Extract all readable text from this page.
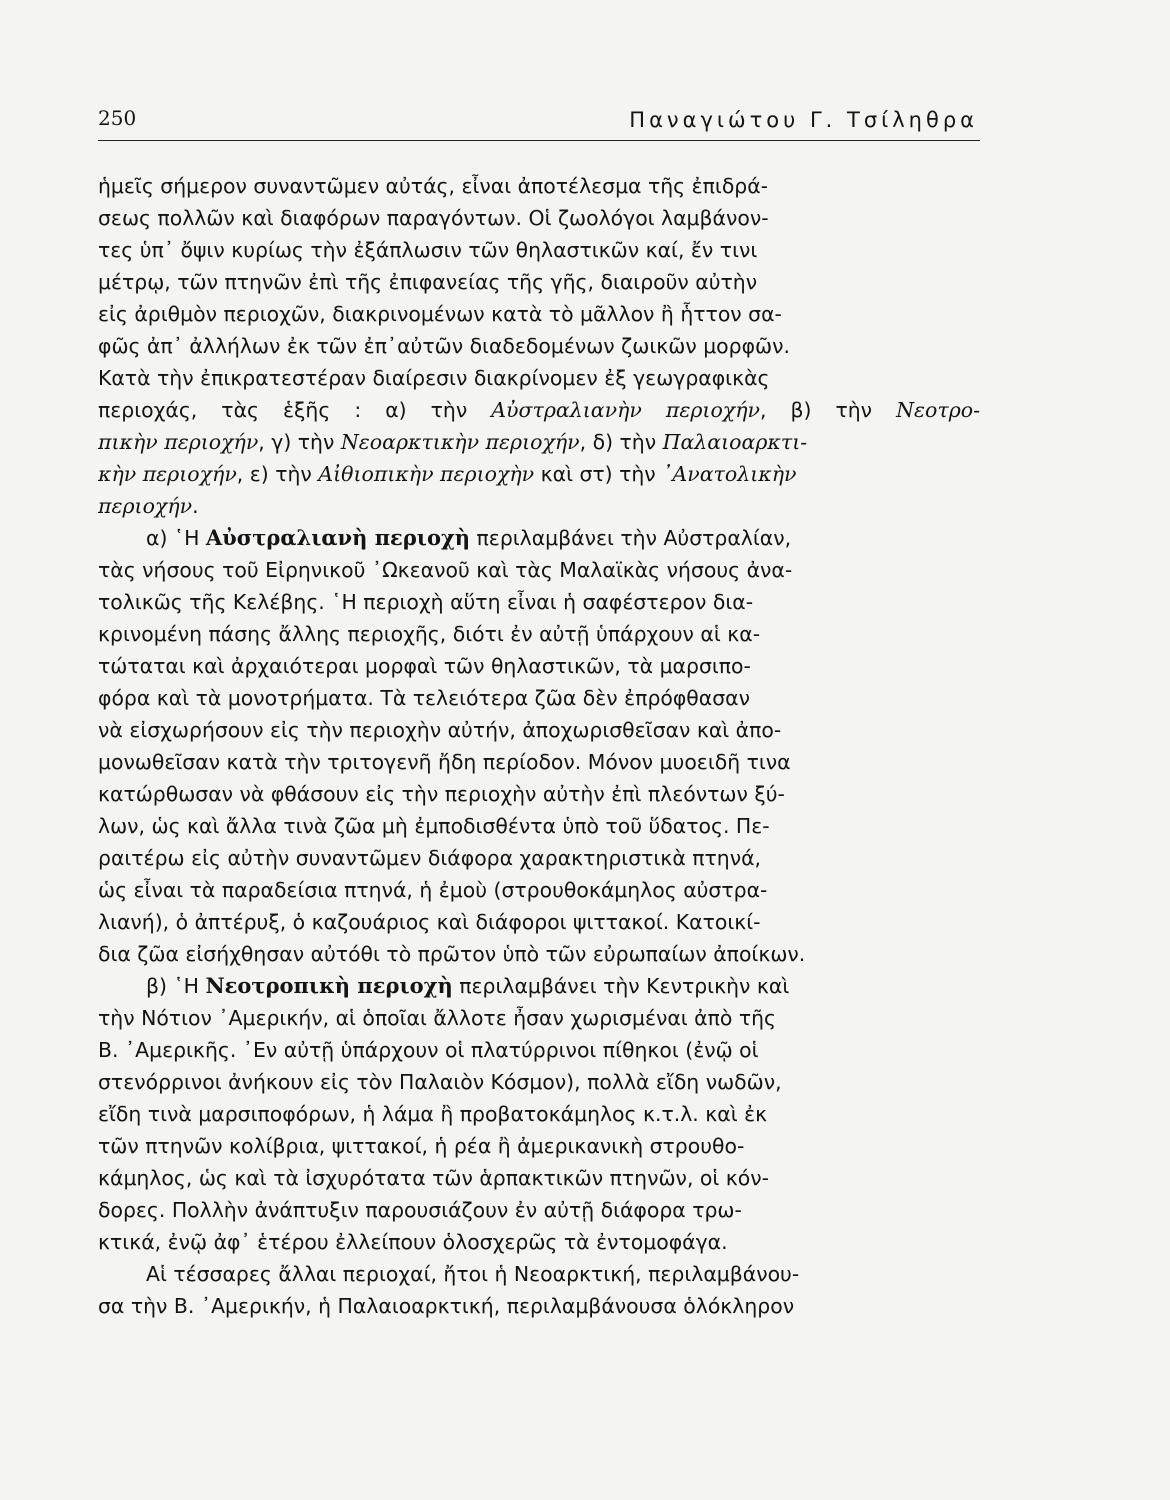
250	Παναγιώτου Γ. Τσίληθρα
ἡμεῖς σήμερον συναντῶμεν αὐτάς, εἶναι ἀποτέλεσμα τῆς ἐπιδρά-
σεως πολλῶν καὶ διαφόρων παραγόντων. Οἱ ζωολόγοι λαμβάνον-
τες ὑπ᾽ ὄψιν κυρίως τὴν ἐξάπλωσιν τῶν θηλαστικῶν καί, ἔν τινι
μέτρῳ, τῶν πτηνῶν ἐπὶ τῆς ἐπιφανείας τῆς γῆς, διαιροῦν αὐτὴν
εἰς ἀριθμὸν περιοχῶν, διακρινομένων κατὰ τὸ μᾶλλον ἢ ἧττον σα-
φῶς ἀπ᾽ ἀλλήλων ἐκ τῶν ἐπ᾽αὐτῶν διαδεδομένων ζωικῶν μορφῶν.
Κατὰ τὴν ἐπικρατεστέραν διαίρεσιν διακρίνομεν ἐξ γεωγραφικὰς
περιοχάς, τὰς ἑξῆς : α) τὴν Αὐστραλιανὴν περιοχήν, β) τὴν Νεοτρο-
πικὴν περιοχήν, γ) τὴν Νεοαρκτικὴν περιοχήν, δ) τὴν Παλαιοαρκτι-
κὴν περιοχήν, ε) τὴν Αἰθιοπικὴν περιοχὴν καὶ στ) τὴν ᾿Ανατολικὴν
περιοχήν.
α) ῾Η Αὐστραλιανὴ περιοχὴ περιλαμβάνει τὴν Αὐστραλίαν,
τὰς νήσους τοῦ Εἰρηνικοῦ ᾿Ωκεανοῦ καὶ τὰς Μαλαϊκὰς νήσους ἀνα-
τολικῶς τῆς Κελέβης. ῾Η περιοχὴ αὕτη εἶναι ἡ σαφέστερον δια-
κρινομένη πάσης ἄλλης περιοχῆς, διότι ἐν αὐτῇ ὑπάρχουν αἱ κα-
τώταται καὶ ἀρχαιότεραι μορφαὶ τῶν θηλαστικῶν, τὰ μαρσιπο-
φόρα καὶ τὰ μονοτρήματα. Τὰ τελειότερα ζῶα δὲν ἐπρόφθασαν
νὰ εἰσχωρήσουν εἰς τὴν περιοχὴν αὐτήν, ἀποχωρισθεῖσαν καὶ ἀπο-
μονωθεῖσαν κατὰ τὴν τριτογενῆ ἤδη περίοδον. Μόνον μυοειδῆ τινα
κατώρθωσαν νὰ φθάσουν εἰς τὴν περιοχὴν αὐτὴν ἐπὶ πλεόντων ξύ-
λων, ὡς καὶ ἄλλα τινὰ ζῶα μὴ ἐμποδισθέντα ὑπὸ τοῦ ὕδατος. Πε-
ραιτέρω εἰς αὐτὴν συναντῶμεν διάφορα χαρακτηριστικὰ πτηνά,
ὡς εἶναι τὰ παραδείσια πτηνά, ἡ ἐμοὺ (στρουθοκάμηλος αὐστρα-
λιανή), ὁ ἀπτέρυξ, ὁ καζουάριος καὶ διάφοροι ψιττακοί. Κατοικί-
δια ζῶα εἰσήχθησαν αὐτόθι τὸ πρῶτον ὑπὸ τῶν εὐρωπαίων ἀποίκων.
β) ῾Η Νεοτροπικὴ περιοχὴ περιλαμβάνει τὴν Κεντρικὴν καὶ
τὴν Νότιον ᾿Αμερικήν, αἱ ὁποῖαι ἄλλοτε ἦσαν χωρισμέναι ἀπὸ τῆς
Β. ᾿Αμερικῆς. ᾿Εν αὐτῇ ὑπάρχουν οἱ πλατύρρινοι πίθηκοι (ἐνῷ οἱ
στενόρρινοι ἀνήκουν εἰς τὸν Παλαιὸν Κόσμον), πολλὰ εἴδη νωδῶν,
εἴδη τινὰ μαρσιποφόρων, ἡ λάμα ἢ προβατοκάμηλος κ.τ.λ. καὶ ἐκ
τῶν πτηνῶν κολίβρια, ψιττακοί, ἡ ρέα ἢ ἀμερικανικὴ στρουθο-
κάμηλος, ὡς καὶ τὰ ἰσχυρότατα τῶν ἁρπακτικῶν πτηνῶν, οἱ κόν-
δορες. Πολλὴν ἀνάπτυξιν παρουσιάζουν ἐν αὐτῇ διάφορα τρω-
κτικά, ἐνῷ ἀφ᾽ ἑτέρου ἐλλείπουν ὁλοσχερῶς τὰ ἐντομοφάγα.
Αἱ τέσσαρες ἄλλαι περιοχαί, ἤτοι ἡ Νεοαρκτική, περιλαμβάνου-
σα τὴν Β. ᾿Αμερικήν, ἡ Παλαιοαρκτική, περιλαμβάνουσα ὁλόκληρον
